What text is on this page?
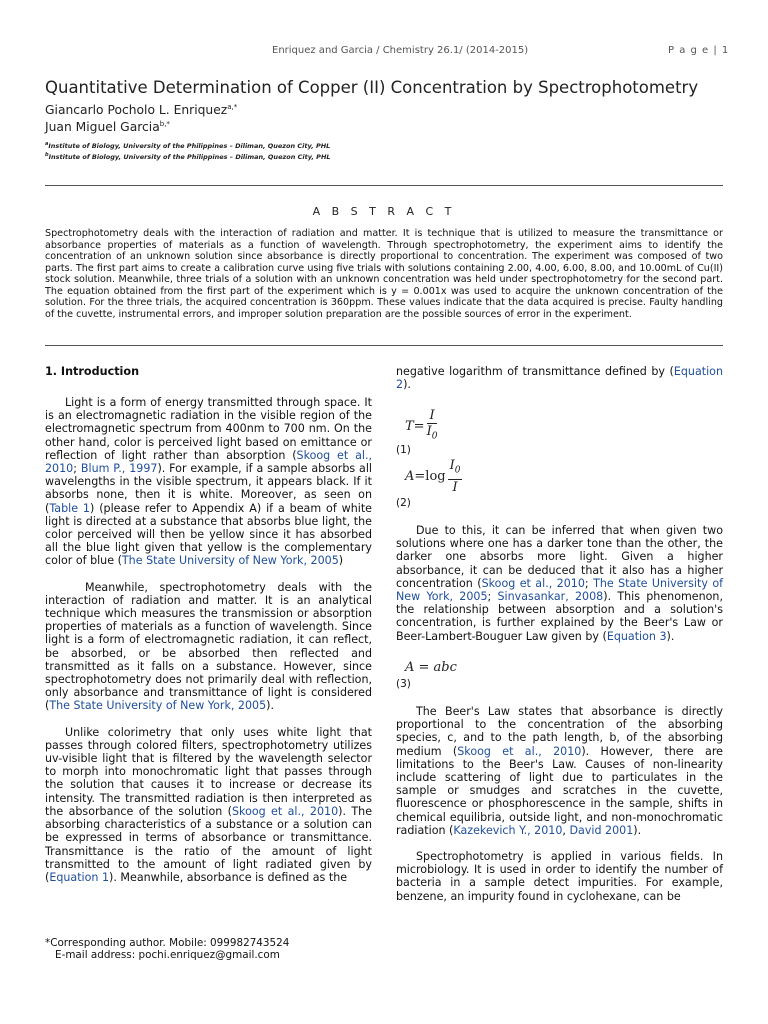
Enriquez and Garcia / Chemistry 26.1/ (2014-2015)	P a g e | 1
Quantitative Determination of Copper (II) Concentration by Spectrophotometry
Giancarlo Pocholo L. Enriquez$^{a,*}$
Juan Miguel Garcia$^{b,*}$
$^a$Institute of Biology, University of the Philippines – Diliman, Quezon City, PHL
$^b$Institute of Biology, University of the Philippines – Diliman, Quezon City, PHL
A B S T R A C T
Spectrophotometry deals with the interaction of radiation and matter. It is technique that is utilized to measure the transmittance or absorbance properties of materials as a function of wavelength. Through spectrophotometry, the experiment aims to identify the concentration of an unknown solution since absorbance is directly proportional to concentration. The experiment was composed of two parts. The first part aims to create a calibration curve using five trials with solutions containing 2.00, 4.00, 6.00, 8.00, and 10.00mL of Cu(II) stock solution. Meanwhile, three trials of a solution with an unknown concentration was held under spectrophotometry for the second part. The equation obtained from the first part of the experiment which is y = 0.001x was used to acquire the unknown concentration of the solution. For the three trials, the acquired concentration is 360ppm. These values indicate that the data acquired is precise. Faulty handling of the cuvette, instrumental errors, and improper solution preparation are the possible sources of error in the experiment.
1. Introduction

Light is a form of energy transmitted through space. It is an electromagnetic radiation in the visible region of the electromagnetic spectrum from 400nm to 700 nm. On the other hand, color is perceived light based on emittance or reflection of light rather than absorption (Skoog et al., 2010; Blum P., 1997). For example, if a sample absorbs all wavelengths in the visible spectrum, it appears black. If it absorbs none, then it is white. Moreover, as seen on (Table 1) (please refer to Appendix A) if a beam of white light is directed at a substance that absorbs blue light, the color perceived will then be yellow since it has absorbed all the blue light given that yellow is the complementary color of blue (The State University of New York, 2005)

Meanwhile, spectrophotometry deals with the interaction of radiation and matter. It is an analytical technique which measures the transmission or absorption properties of materials as a function of wavelength. Since light is a form of electromagnetic radiation, it can reflect, be absorbed, or be absorbed then reflected and transmitted as it falls on a substance. However, since spectrophotometry does not primarily deal with reflection, only absorbance and transmittance of light is considered (The State University of New York, 2005).

Unlike colorimetry that only uses white light that passes through colored filters, spectrophotometry utilizes uv-visible light that is filtered by the wavelength selector to morph into monochromatic light that passes through the solution that causes it to increase or decrease its intensity. The transmitted radiation is then interpreted as the absorbance of the solution (Skoog et al., 2010). The absorbing characteristics of a substance or a solution can be expressed in terms of absorbance or transmittance. Transmittance is the ratio of the amount of light transmitted to the amount of light radiated given by (Equation 1). Meanwhile, absorbance is defined as the

negative logarithm of transmittance defined by (Equation 2).

$T= \frac{I}{I_0}$
(1)
$A=\log \frac{I_0}{I}$
(2)

Due to this, it can be inferred that when given two solutions where one has a darker tone than the other, the darker one absorbs more light. Given a higher absorbance, it can be deduced that it also has a higher concentration (Skoog et al., 2010; The State University of New York, 2005; Sinvasankar, 2008). This phenomenon, the relationship between absorption and a solution's concentration, is further explained by the Beer's Law or Beer-Lambert-Bouguer Law given by (Equation 3).

A = abc
(3)

The Beer's Law states that absorbance is directly proportional to the concentration of the absorbing species, c, and to the path length, b, of the absorbing medium (Skoog et al., 2010). However, there are limitations to the Beer's Law. Causes of non-linearity include scattering of light due to particulates in the sample or smudges and scratches in the cuvette, fluorescence or phosphorescence in the sample, shifts in chemical equilibria, outside light, and non-monochromatic radiation (Kazekevich Y., 2010, David 2001).

Spectrophotometry is applied in various fields. In microbiology. It is used in order to identify the number of bacteria in a sample detect impurities. For example, benzene, an impurity found in cyclohexane, can be

*Corresponding author. Mobile: 099982743524
E-mail address: pochi.enriquez@gmail.com
